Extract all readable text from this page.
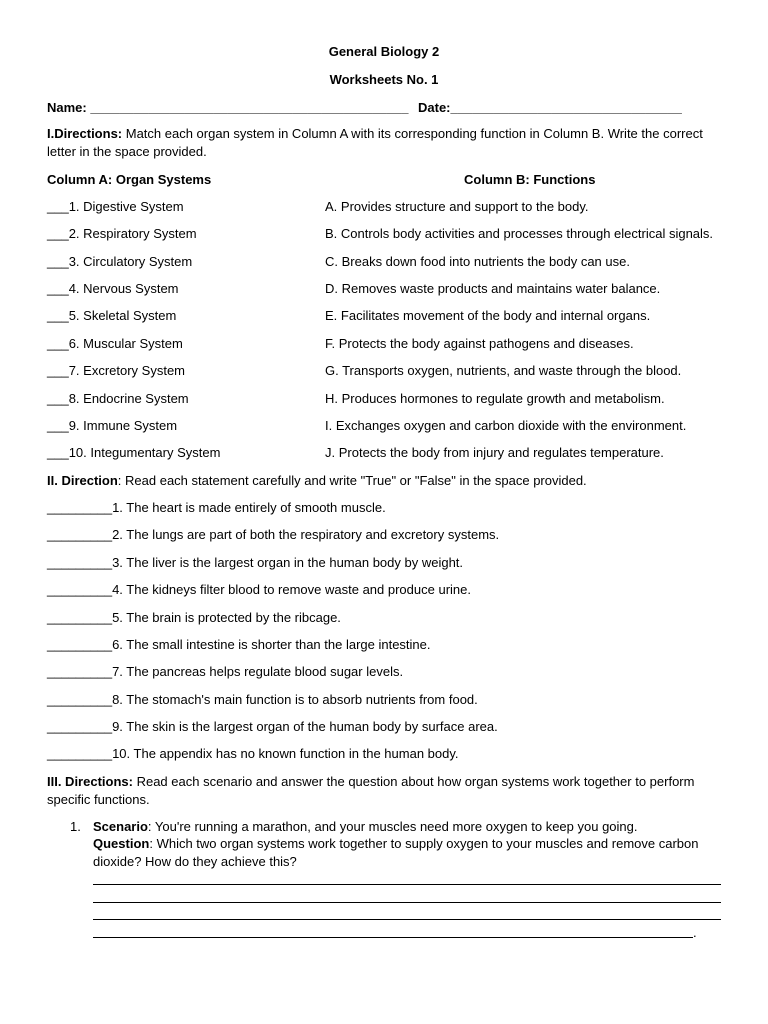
General Biology 2
Worksheets No. 1
Name: ____________________________________________ Date:________________________________
I.Directions: Match each organ system in Column A with its corresponding function in Column B. Write the correct letter in the space provided.
Column A: Organ Systems	Column B: Functions
___1. Digestive System
___2. Respiratory System
___3. Circulatory System
___4. Nervous System
___5. Skeletal System
___6. Muscular System
___7. Excretory System
___8. Endocrine System
___9. Immune System
___10. Integumentary System
A. Provides structure and support to the body.
B. Controls body activities and processes through electrical signals.
C. Breaks down food into nutrients the body can use.
D. Removes waste products and maintains water balance.
E. Facilitates movement of the body and internal organs.
F. Protects the body against pathogens and diseases.
G. Transports oxygen, nutrients, and waste through the blood.
H. Produces hormones to regulate growth and metabolism.
I. Exchanges oxygen and carbon dioxide with the environment.
J. Protects the body from injury and regulates temperature.
II. Direction: Read each statement carefully and write "True" or "False" in the space provided.
_________1. The heart is made entirely of smooth muscle.
_________2. The lungs are part of both the respiratory and excretory systems.
_________3. The liver is the largest organ in the human body by weight.
_________4. The kidneys filter blood to remove waste and produce urine.
_________5. The brain is protected by the ribcage.
_________6. The small intestine is shorter than the large intestine.
_________7. The pancreas helps regulate blood sugar levels.
_________8. The stomach's main function is to absorb nutrients from food.
_________9. The skin is the largest organ of the human body by surface area.
_________10. The appendix has no known function in the human body.
III. Directions: Read each scenario and answer the question about how organ systems work together to perform specific functions.
1. Scenario: You're running a marathon, and your muscles need more oxygen to keep you going.
Question: Which two organ systems work together to supply oxygen to your muscles and remove carbon dioxide? How do they achieve this?
.
